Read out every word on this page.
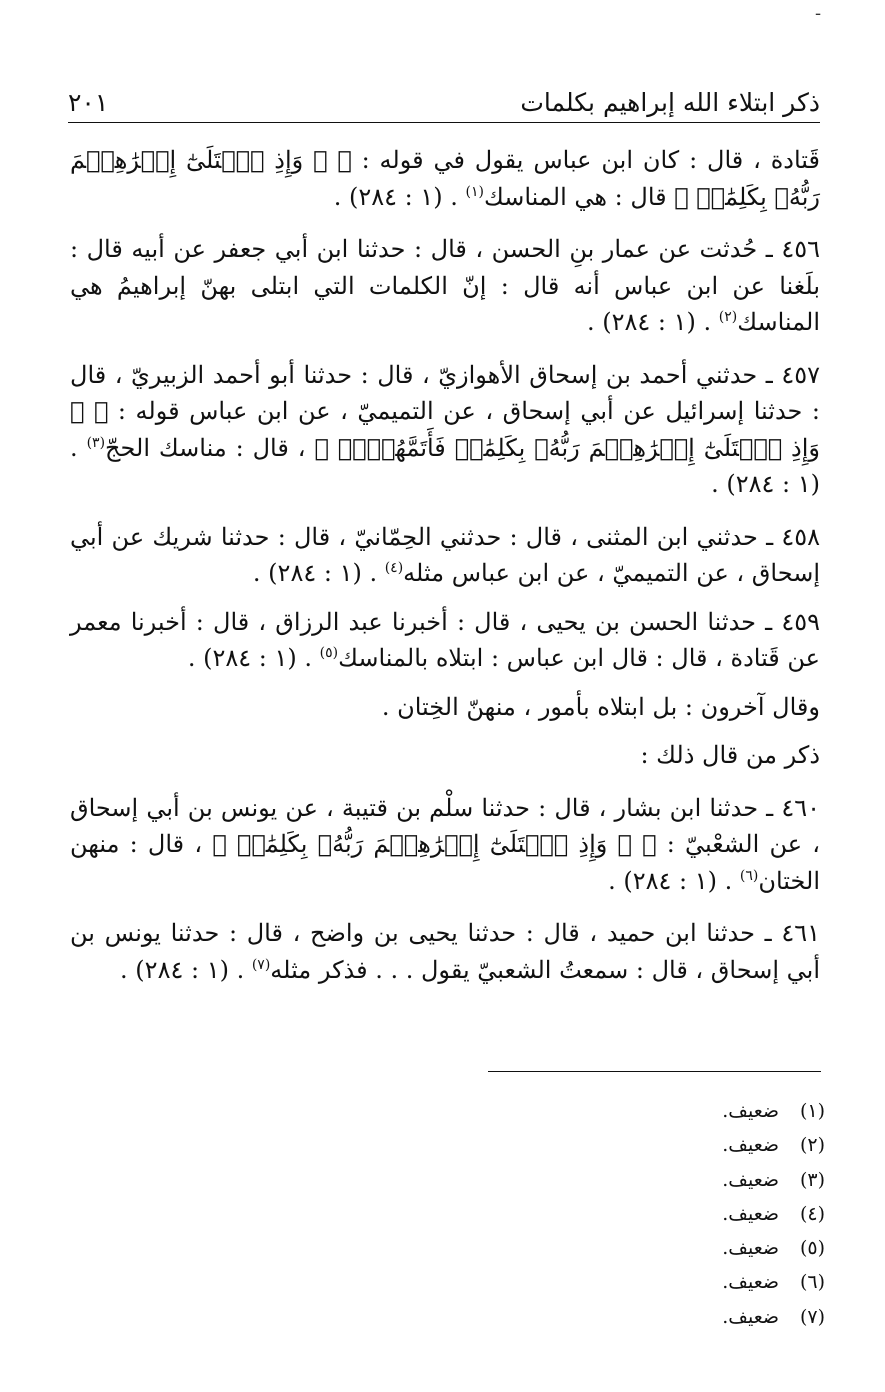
-
ذكر ابتلاء الله إبراهيم بكلمات
٢٠١

قَتادة ، قال : كان ابن عباس يقول في قوله : ﴿ ۞ وَإِذِ ٱبۡتَلَىٰٓ إِبۡرَٰهِـۧمَ رَبُّهُۥ بِكَلِمَٰتٖ ﴾ قال : هي المناسك$^{(١)}$ . (١ : ٢٨٤) .

٤٥٦ ـ حُدثت عن عمار بنِ الحسن ، قال : حدثنا ابن أبي جعفر عن أبيه قال : بلَغنا عن ابن عباس أنه قال : إنّ الكلمات التي ابتلى بهنّ إبراهيمُ هي المناسك$^{(٢)}$ . (١ : ٢٨٤) .

٤٥٧ ـ حدثني أحمد بن إسحاق الأهوازيّ ، قال : حدثنا أبو أحمد الزبيريّ ، قال : حدثنا إسرائيل عن أبي إسحاق ، عن التميميّ ، عن ابن عباس قوله : ﴿ ۞ وَإِذِ ٱبۡتَلَىٰٓ إِبۡرَٰهِـۧمَ رَبُّهُۥ بِكَلِمَٰتٖ فَأَتَمَّهُنَّۖ ﴾ ، قال : مناسك الحجّ$^{(٣)}$ . (١ : ٢٨٤) .

٤٥٨ ـ حدثني ابن المثنى ، قال : حدثني الحِمّانيّ ، قال : حدثنا شريك عن أبي إسحاق ، عن التميميّ ، عن ابن عباس مثله$^{(٤)}$ . (١ : ٢٨٤) .

٤٥٩ ـ حدثنا الحسن بن يحيى ، قال : أخبرنا عبد الرزاق ، قال : أخبرنا معمر عن قَتادة ، قال : قال ابن عباس : ابتلاه بالمناسك$^{(٥)}$ . (١ : ٢٨٤) .

وقال آخرون : بل ابتلاه بأمور ، منهنّ الخِتان .

ذكر من قال ذلك :

٤٦٠ ـ حدثنا ابن بشار ، قال : حدثنا سلْم بن قتيبة ، عن يونس بن أبي إسحاق ، عن الشعْبيّ : ﴿ ۞ وَإِذِ ٱبۡتَلَىٰٓ إِبۡرَٰهِـۧمَ رَبُّهُۥ بِكَلِمَٰتٖ ﴾ ، قال : منهن الختان$^{(٦)}$ . (١ : ٢٨٤) .

٤٦١ ـ حدثنا ابن حميد ، قال : حدثنا يحيى بن واضح ، قال : حدثنا يونس بن أبي إسحاق ، قال : سمعتُ الشعبيّ يقول . . . فذكر مثله$^{(٧)}$ . (١ : ٢٨٤) .

(١)
ضعيف.
(٢)
ضعيف.
(٣)
ضعيف.
(٤)
ضعيف.
(٥)
ضعيف.
(٦)
ضعيف.
(٧)
ضعيف.
